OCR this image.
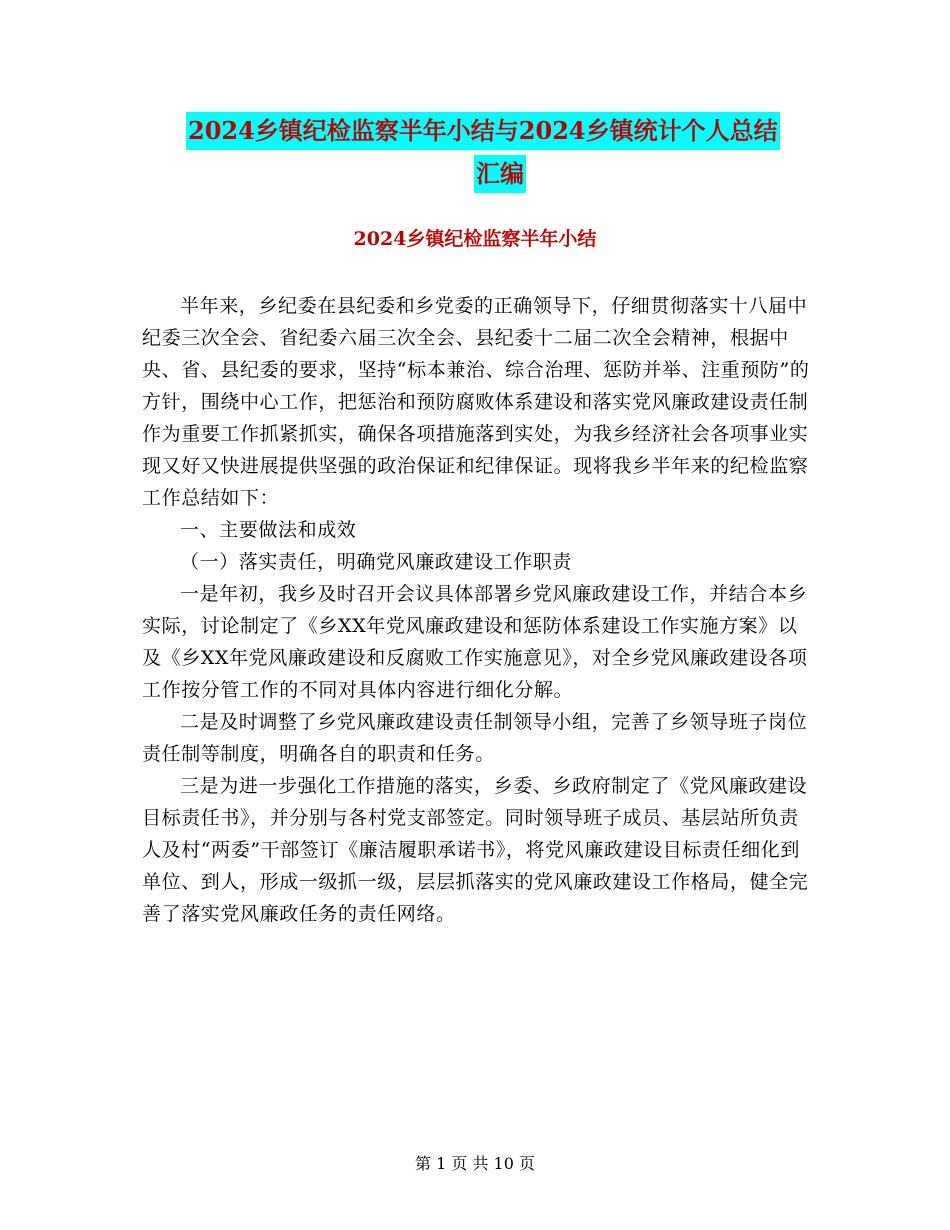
2024乡镇纪检监察半年小结与2024乡镇统计个人总结
汇编
2024乡镇纪检监察半年小结

半年来，乡纪委在县纪委和乡党委的正确领导下，仔细贯彻落实十八届中纪委三次全会、省纪委六届三次全会、县纪委十二届二次全会精神，根据中央、省、县纪委的要求，坚持“标本兼治、综合治理、惩防并举、注重预防”的方针，围绕中心工作，把惩治和预防腐败体系建设和落实党风廉政建设责任制作为重要工作抓紧抓实，确保各项措施落到实处，为我乡经济社会各项事业实现又好又快进展提供坚强的政治保证和纪律保证。现将我乡半年来的纪检监察工作总结如下：

一、主要做法和成效

（一）落实责任，明确党风廉政建设工作职责

一是年初，我乡及时召开会议具体部署乡党风廉政建设工作，并结合本乡实际，讨论制定了《乡XX年党风廉政建设和惩防体系建设工作实施方案》以及《乡XX年党风廉政建设和反腐败工作实施意见》，对全乡党风廉政建设各项工作按分管工作的不同对具体内容进行细化分解。

二是及时调整了乡党风廉政建设责任制领导小组，完善了乡领导班子岗位责任制等制度，明确各自的职责和任务。

三是为进一步强化工作措施的落实，乡委、乡政府制定了《党风廉政建设目标责任书》，并分别与各村党支部签定。同时领导班子成员、基层站所负责人及村“两委”干部签订《廉洁履职承诺书》，将党风廉政建设目标责任细化到单位、到人，形成一级抓一级，层层抓落实的党风廉政建设工作格局，健全完善了落实党风廉政任务的责任网络。

第 1 页 共 10 页
